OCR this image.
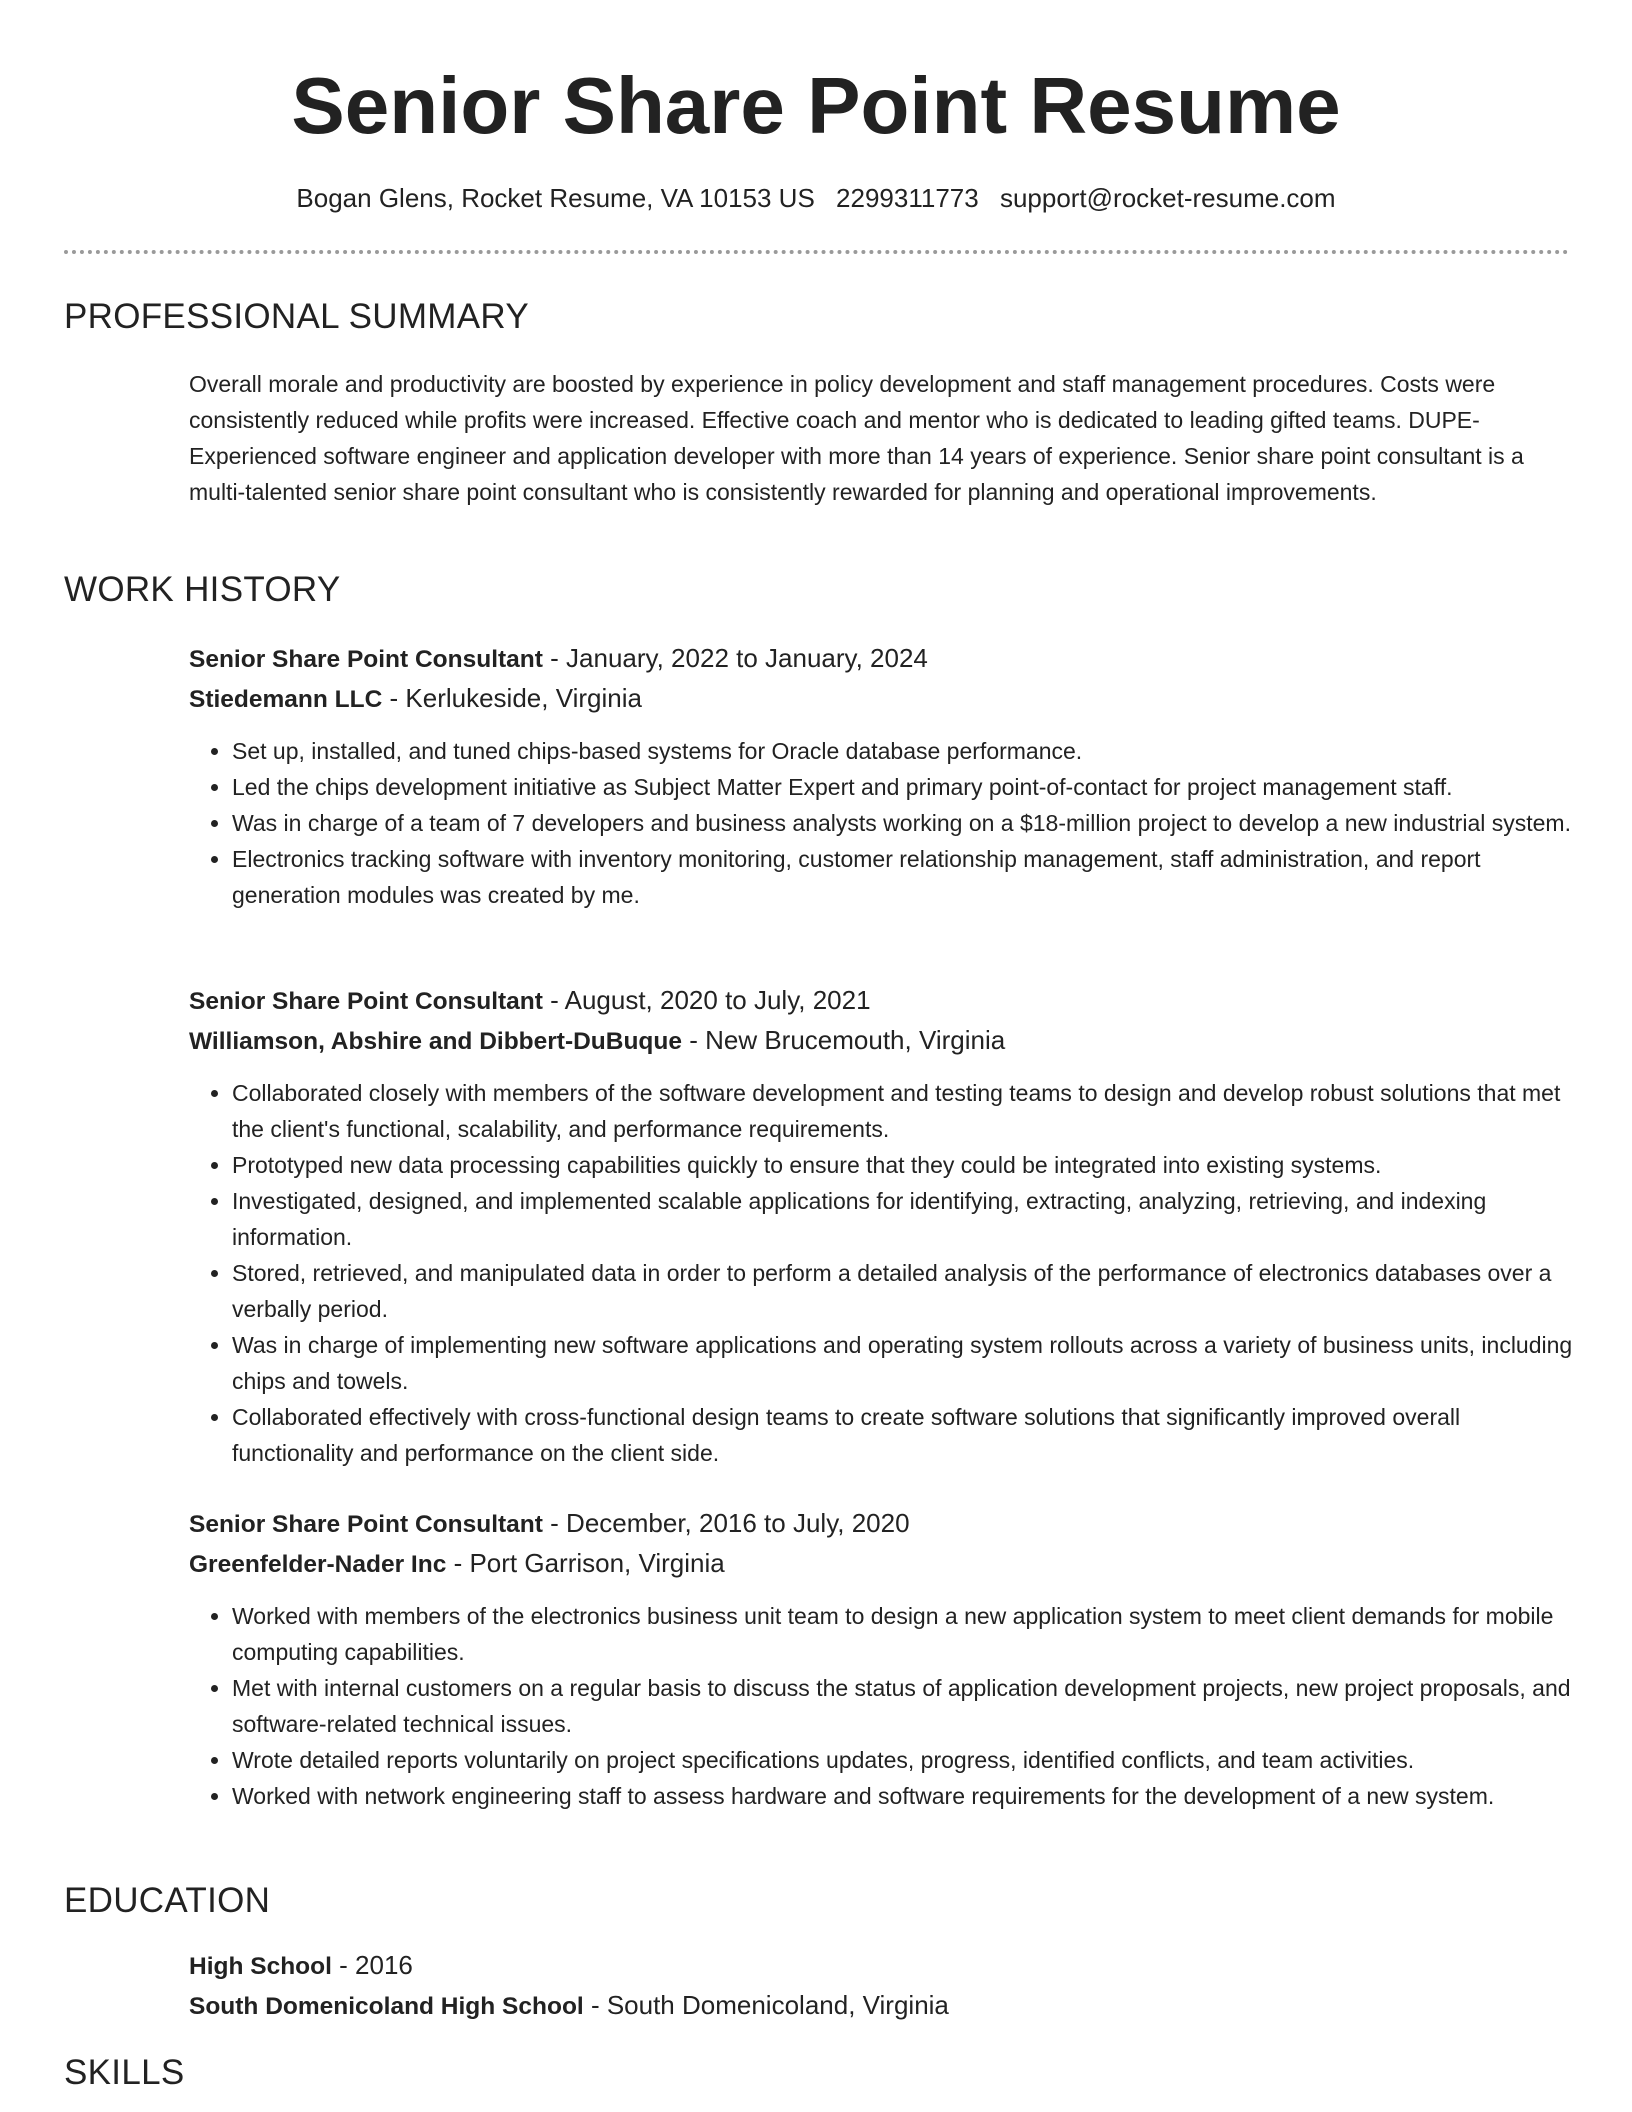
Senior Share Point Resume
Bogan Glens, Rocket Resume, VA 10153 US 2299311773 support@rocket-resume.com
PROFESSIONAL SUMMARY

Overall morale and productivity are boosted by experience in policy development and staff management procedures. Costs were consistently reduced while profits were increased. Effective coach and mentor who is dedicated to leading gifted teams. DUPE- Experienced software engineer and application developer with more than 14 years of experience. Senior share point consultant is a multi-talented senior share point consultant who is consistently rewarded for planning and operational improvements.

WORK HISTORY

Senior Share Point Consultant - January, 2022 to January, 2024

Stiedemann LLC - Kerlukeside, Virginia

• Set up, installed, and tuned chips-based systems for Oracle database performance.
• Led the chips development initiative as Subject Matter Expert and primary point-of-contact for project management staff.
• Was in charge of a team of 7 developers and business analysts working on a $18-million project to develop a new industrial system.
• Electronics tracking software with inventory monitoring, customer relationship management, staff administration, and report generation modules was created by me.

Senior Share Point Consultant - August, 2020 to July, 2021

Williamson, Abshire and Dibbert-DuBuque - New Brucemouth, Virginia

• Collaborated closely with members of the software development and testing teams to design and develop robust solutions that met the client's functional, scalability, and performance requirements.
• Prototyped new data processing capabilities quickly to ensure that they could be integrated into existing systems.
• Investigated, designed, and implemented scalable applications for identifying, extracting, analyzing, retrieving, and indexing information.
• Stored, retrieved, and manipulated data in order to perform a detailed analysis of the performance of electronics databases over a verbally period.
• Was in charge of implementing new software applications and operating system rollouts across a variety of business units, including chips and towels.
• Collaborated effectively with cross-functional design teams to create software solutions that significantly improved overall functionality and performance on the client side.

Senior Share Point Consultant - December, 2016 to July, 2020

Greenfelder-Nader Inc - Port Garrison, Virginia

• Worked with members of the electronics business unit team to design a new application system to meet client demands for mobile computing capabilities.
• Met with internal customers on a regular basis to discuss the status of application development projects, new project proposals, and software-related technical issues.
• Wrote detailed reports voluntarily on project specifications updates, progress, identified conflicts, and team activities.
• Worked with network engineering staff to assess hardware and software requirements for the development of a new system.
EDUCATION

High School - 2016

South Domenicoland High School - South Domenicoland, Virginia

SKILLS
